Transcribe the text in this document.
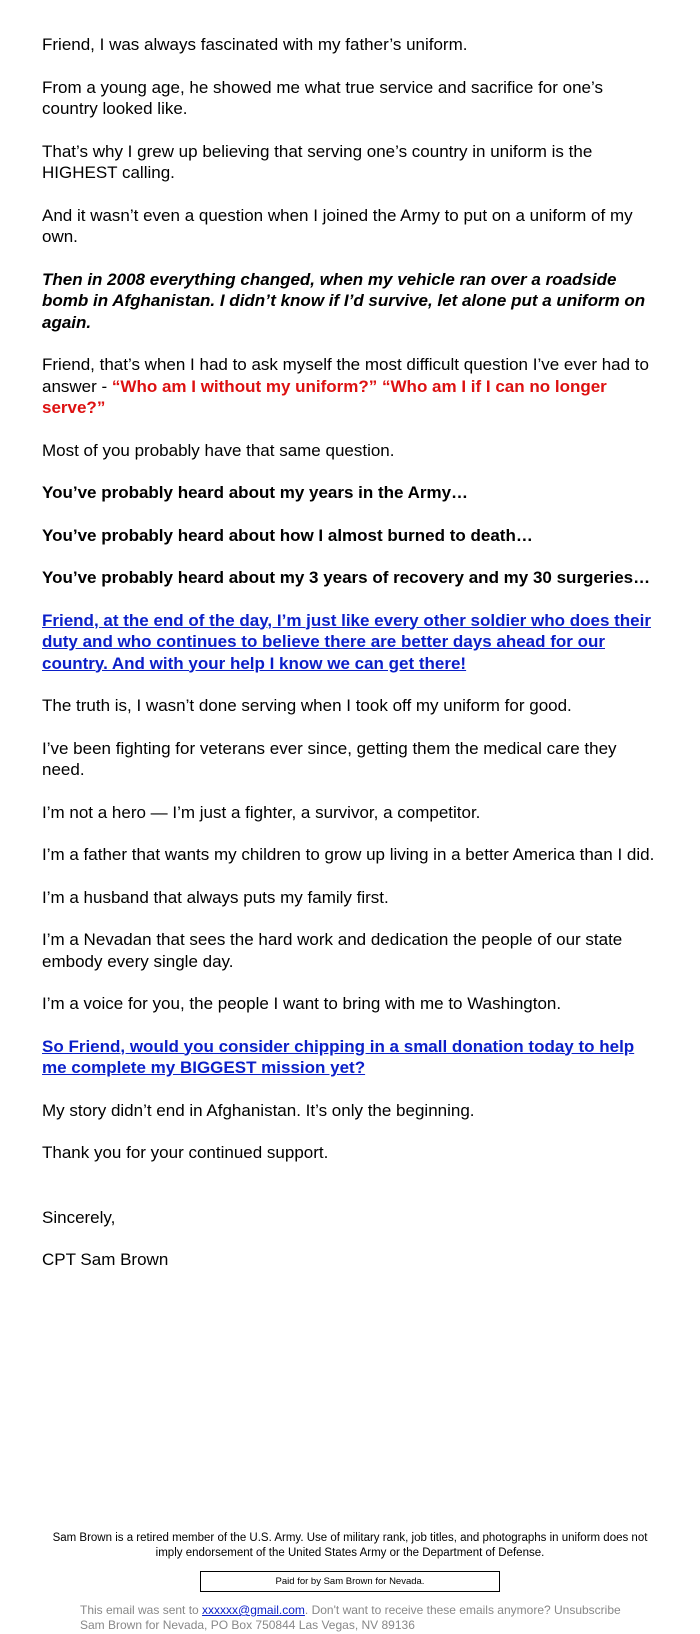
Friend, I was always fascinated with my father’s uniform.

From a young age, he showed me what true service and sacrifice for one’s country looked like.

That’s why I grew up believing that serving one’s country in uniform is the HIGHEST calling.

And it wasn’t even a question when I joined the Army to put on a uniform of my own.

Then in 2008 everything changed, when my vehicle ran over a roadside bomb in Afghanistan. I didn’t know if I’d survive, let alone put a uniform on again.

Friend, that’s when I had to ask myself the most difficult question I’ve ever had to answer - “Who am I without my uniform?” “Who am I if I can no longer serve?”

Most of you probably have that same question.

You’ve probably heard about my years in the Army…

You’ve probably heard about how I almost burned to death…

You’ve probably heard about my 3 years of recovery and my 30 surgeries…

Friend, at the end of the day, I’m just like every other soldier who does their duty and who continues to believe there are better days ahead for our country. And with your help I know we can get there!

The truth is, I wasn’t done serving when I took off my uniform for good.

I’ve been fighting for veterans ever since, getting them the medical care they need.

I’m not a hero — I’m just a fighter, a survivor, a competitor.

I’m a father that wants my children to grow up living in a better America than I did.

I’m a husband that always puts my family first.

I’m a Nevadan that sees the hard work and dedication the people of our state embody every single day.

I’m a voice for you, the people I want to bring with me to Washington.

So Friend, would you consider chipping in a small donation today to help me complete my BIGGEST mission yet?

My story didn’t end in Afghanistan. It’s only the beginning.

Thank you for your continued support.

Sincerely,

CPT Sam Brown

Sam Brown is a retired member of the U.S. Army. Use of military rank, job titles, and photographs in uniform does not imply endorsement of the United States Army or the Department of Defense.

Paid for by Sam Brown for Nevada.
This email was sent to xxxxxx@gmail.com. Don't want to receive these emails anymore? Unsubscribe
Sam Brown for Nevada, PO Box 750844 Las Vegas, NV 89136
